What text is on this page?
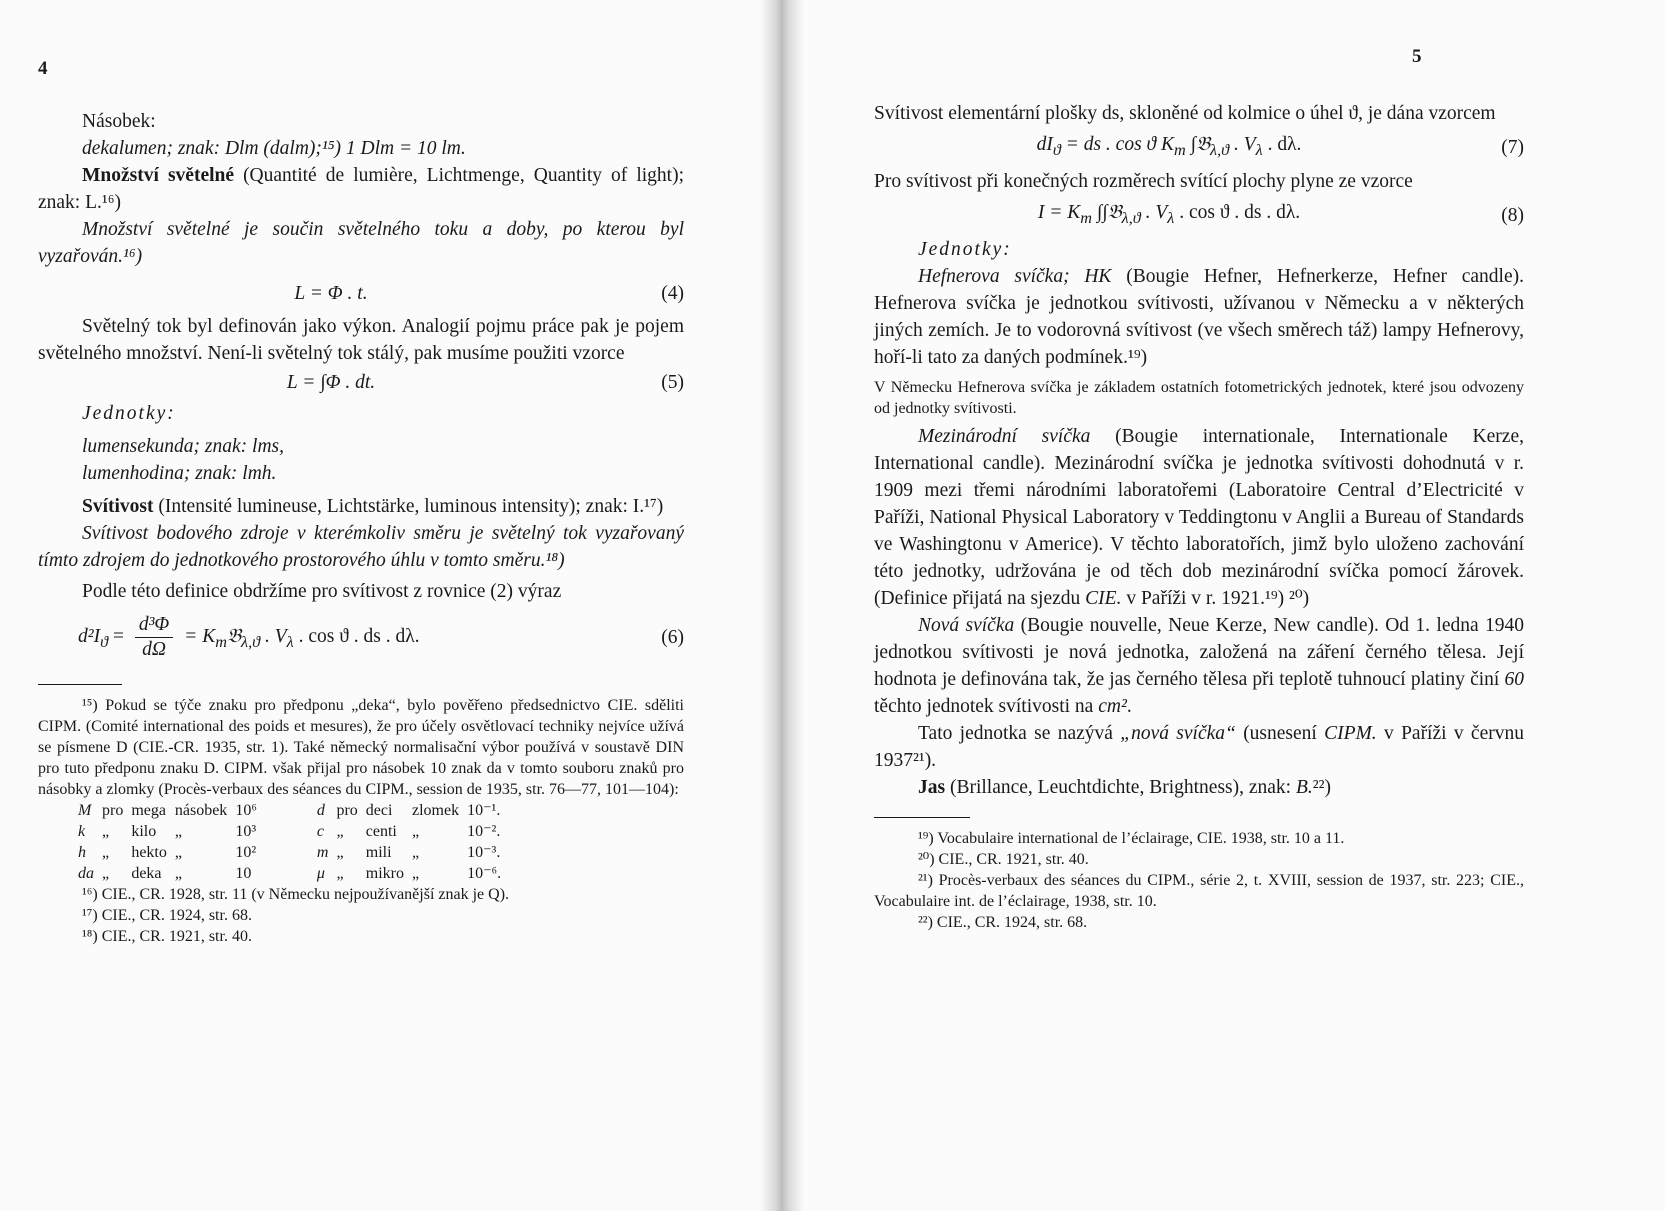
4

Násobek:

dekalumen; znak: Dlm (dalm);¹⁵) 1 Dlm = 10 lm.

Množství světelné (Quantité de lumière, Lichtmenge, Quantity of light); znak: L.¹⁶)

Množství světelné je součin světelného toku a doby, po kterou byl vyzařován.¹⁶)

L = Φ . t.	(4)

Světelný tok byl definován jako výkon. Analogií pojmu práce pak je pojem světelného množství. Není-li světelný tok stálý, pak musíme použiti vzorce

L = ∫Φ . dt.	(5)

Jednotky:

lumensekunda; znak: lms,

lumenhodina; znak: lmh.

Svítivost (Intensité lumineuse, Lichtstärke, luminous intensity); znak: I.¹⁷)

Svítivost bodového zdroje v kterémkoliv směru je světelný tok vyzařovaný tímto zdrojem do jednotkového prostorového úhlu v tomto směru.¹⁸)

Podle této definice obdržíme pro svítivost z rovnice (2) výraz

$d^2I_ϑ = \frac{\text{d³Φ}}{d\Omega}$ = $K_m𝔅_{\lambda,ϑ}$ . $V_\lambda$ . cos ϑ . ds . dλ.	(6)

¹⁵) Pokud se týče znaku pro předponu „deka“, bylo pověřeno předsednictvo CIE. sděliti CIPM. (Comité international des poids et mesures), že pro účely osvětlovací techniky nejvíce užívá se písmene D (CIE.-CR. 1935, str. 1). Také německý normalisační výbor používá v soustavě DIN pro tuto předponu znaku D. CIPM. však přijal pro násobek 10 znak da v tomto souboru znaků pro násobky a zlomky (Procès-verbaux des séances du CIPM., session de 1935, str. 76—77, 101—104):

M	pro	mega	násobek	10⁶	d	pro	deci	zlomek	10⁻¹.
k	„	kilo	„	10³	c	„	centi	„	10⁻².
h	„	hekto	„	10²	m	„	mili	„	10⁻³.
da	„	deka	„	10	μ	„	mikro	„	10⁻⁶.

¹⁶) CIE., CR. 1928, str. 11 (v Německu nejpoužívanější znak je Q).

¹⁷) CIE., CR. 1924, str. 68.

¹⁸) CIE., CR. 1921, str. 40.

5

Svítivost elementární plošky ds, skloněné od kolmice o úhel ϑ, je dána vzorcem

$dI_ϑ$ = ds . cos ϑ $K_m$ ∫𝔅$_{\lambda,ϑ}$ . $V_\lambda$ . dλ.	(7)

Pro svítivost při konečných rozměrech svítící plochy plyne ze vzorce

$I = K_m$ ∫∫𝔅$_{\lambda,ϑ}$ . $V_\lambda$ . cos ϑ . ds . dλ.	(8)

Jednotky:

Hefnerova svíčka; HK (Bougie Hefner, Hefnerkerze, Hefner candle). Hefnerova svíčka je jednotkou svítivosti, užívanou v Německu a v některých jiných zemích. Je to vodorovná svítivost (ve všech směrech táž) lampy Hefnerovy, hoří-li tato za daných podmínek.¹⁹)

V Německu Hefnerova svíčka je základem ostatních fotometrických jednotek, které jsou odvozeny od jednotky svítivosti.

Mezinárodní svíčka (Bougie internationale, Internationale Kerze, International candle). Mezinárodní svíčka je jednotka svítivosti dohodnutá v r. 1909 mezi třemi národními laboratořemi (Laboratoire Central d’Electricité v Paříži, National Physical Laboratory v Teddingtonu v Anglii a Bureau of Standards ve Washingtonu v Americe). V těchto laboratořích, jimž bylo uloženo zachování této jednotky, udržována je od těch dob mezinárodní svíčka pomocí žárovek. (Definice přijatá na sjezdu CIE. v Paříži v r. 1921.¹⁹) ²⁰)

Nová svíčka (Bougie nouvelle, Neue Kerze, New candle). Od 1. ledna 1940 jednotkou svítivosti je nová jednotka, založená na záření černého tělesa. Její hodnota je definována tak, že jas černého tělesa při teplotě tuhnoucí platiny činí 60 těchto jednotek svítivosti na cm².

Tato jednotka se nazývá „nová svíčka“ (usnesení CIPM. v Paříži v červnu 1937²¹).

Jas (Brillance, Leuchtdichte, Brightness), znak: B.²²)

¹⁹) Vocabulaire international de l’éclairage, CIE. 1938, str. 10 a 11.

²⁰) CIE., CR. 1921, str. 40.

²¹) Procès-verbaux des séances du CIPM., série 2, t. XVIII, session de 1937, str. 223; CIE., Vocabulaire int. de l’éclairage, 1938, str. 10.

²²) CIE., CR. 1924, str. 68.
